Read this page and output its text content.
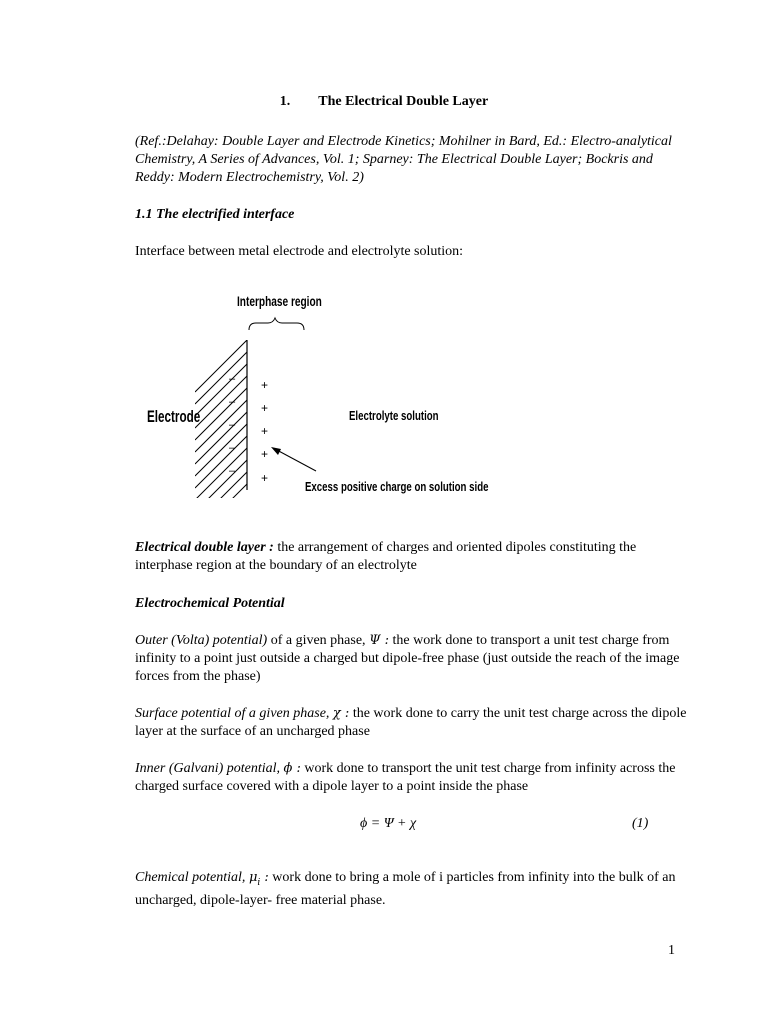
1. The Electrical Double Layer
(Ref.:Delahay: Double Layer and Electrode Kinetics; Mohilner in Bard, Ed.: Electro-analytical Chemistry, A Series of Advances, Vol. 1; Sparney: The Electrical Double Layer; Bockris and Reddy: Modern Electrochemistry, Vol. 2)
1.1 The electrified interface
Interface between metal electrode and electrolyte solution:
Interphase region
–
–
–
–
–
+
+
+
+
+
Electrode	Electrolyte solution
Excess positive charge on solution side
Electrical double layer : the arrangement of charges and oriented dipoles constituting the interphase region at the boundary of an electrolyte
Electrochemical Potential
Outer (Volta) potential) of a given phase, Ψ : the work done to transport a unit test charge from infinity to a point just outside a charged but dipole-free phase (just outside the reach of the image forces from the phase)
Surface potential of a given phase, χ : the work done to carry the unit test charge across the dipole layer at the surface of an uncharged phase
Inner (Galvani) potential, ϕ : work done to transport the unit test charge from infinity across the charged surface covered with a dipole layer to a point inside the phase
ϕ = Ψ + χ	(1)
Chemical potential, $\mu_i$ : work done to bring a mole of i particles from infinity into the bulk of an uncharged, dipole-layer- free material phase.
1
